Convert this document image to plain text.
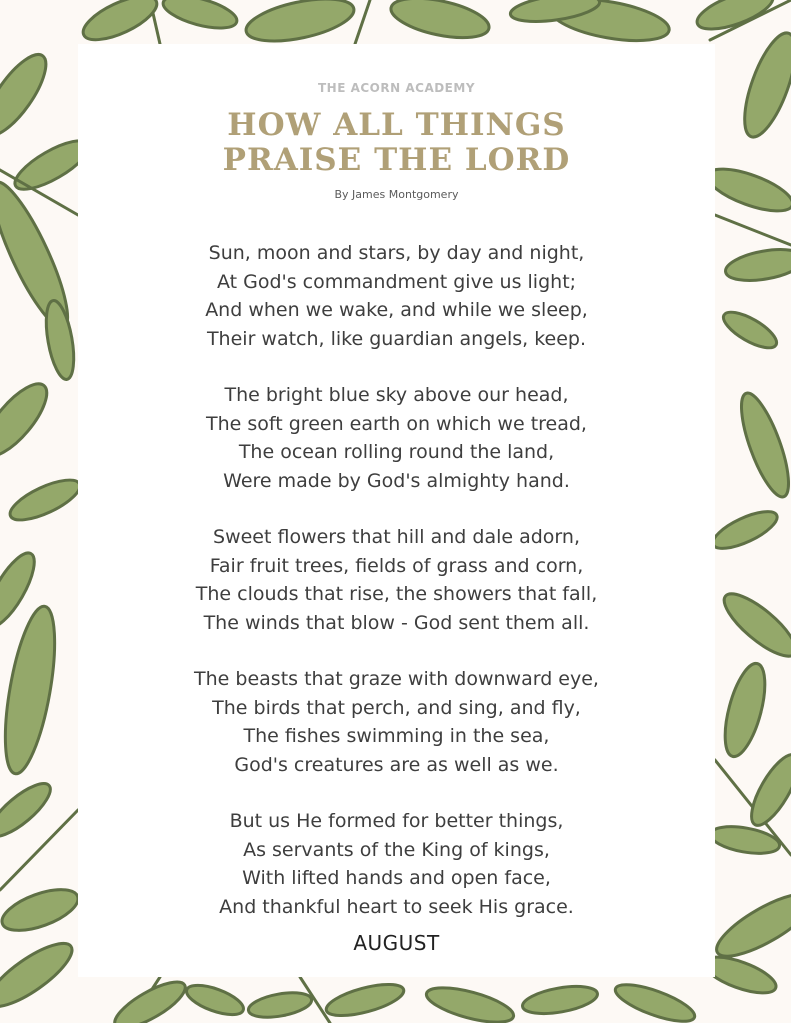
THE ACORN ACADEMY
HOW ALL THINGS
PRAISE THE LORD
By James Montgomery
Sun, moon and stars, by day and night,
At God's commandment give us light;
And when we wake, and while we sleep,
Their watch, like guardian angels, keep.
The bright blue sky above our head,
The soft green earth on which we tread,
The ocean rolling round the land,
Were made by God's almighty hand.
Sweet flowers that hill and dale adorn,
Fair fruit trees, fields of grass and corn,
The clouds that rise, the showers that fall,
The winds that blow - God sent them all.
The beasts that graze with downward eye,
The birds that perch, and sing, and fly,
The fishes swimming in the sea,
God's creatures are as well as we.
But us He formed for better things,
As servants of the King of kings,
With lifted hands and open face,
And thankful heart to seek His grace.
AUGUST
